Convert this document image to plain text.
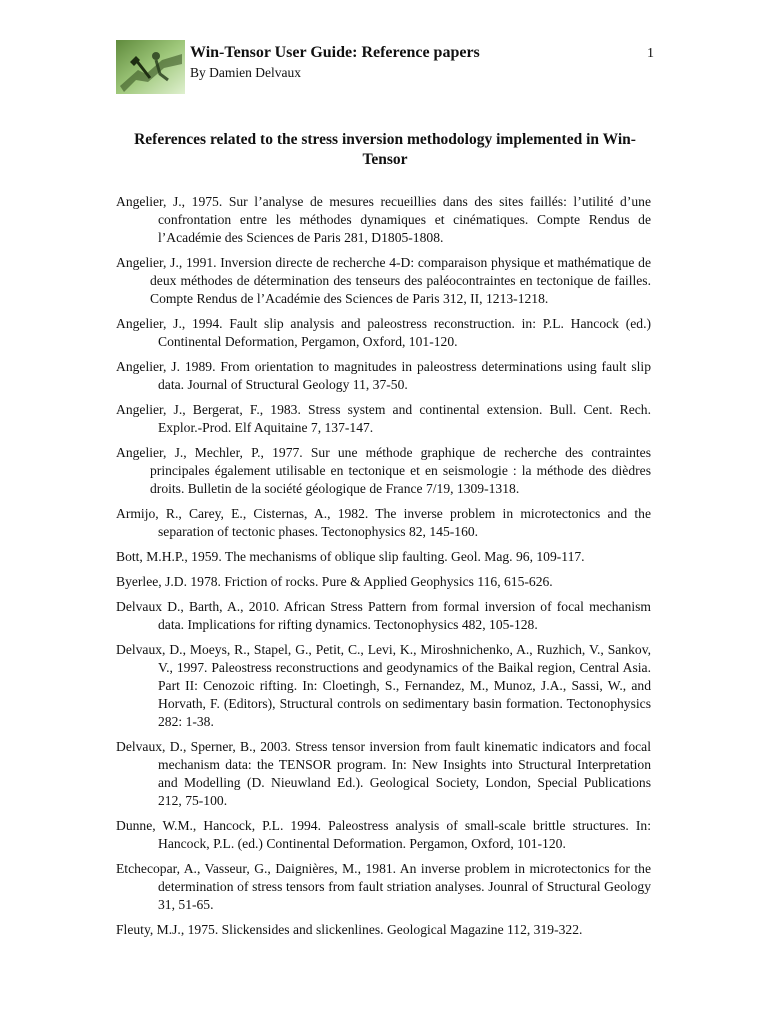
Win-Tensor User Guide: Reference papers
By Damien Delvaux
1
References related to the stress inversion methodology implemented in Win-Tensor

Angelier, J., 1975. Sur l’analyse de mesures recueillies dans des sites faillés: l’utilité d’une confrontation entre les méthodes dynamiques et cinématiques. Compte Rendus de l’Académie des Sciences de Paris 281, D1805-1808.

Angelier, J., 1991. Inversion directe de recherche 4-D: comparaison physique et mathématique de deux méthodes de détermination des tenseurs des paléocontraintes en tectonique de failles. Compte Rendus de l’Académie des Sciences de Paris 312, II, 1213-1218.

Angelier, J., 1994. Fault slip analysis and paleostress reconstruction. in: P.L. Hancock (ed.) Continental Deformation, Pergamon, Oxford, 101-120.

Angelier, J. 1989. From orientation to magnitudes in paleostress determinations using fault slip data. Journal of Structural Geology 11, 37-50.

Angelier, J., Bergerat, F., 1983. Stress system and continental extension. Bull. Cent. Rech. Explor.-Prod. Elf Aquitaine 7, 137-147.

Angelier, J., Mechler, P., 1977. Sur une méthode graphique de recherche des contraintes principales également utilisable en tectonique et en seismologie : la méthode des dièdres droits. Bulletin de la société géologique de France 7/19, 1309-1318.

Armijo, R., Carey, E., Cisternas, A., 1982. The inverse problem in microtectonics and the separation of tectonic phases. Tectonophysics 82, 145-160.

Bott, M.H.P., 1959. The mechanisms of oblique slip faulting. Geol. Mag. 96, 109-117.

Byerlee, J.D. 1978. Friction of rocks. Pure & Applied Geophysics 116, 615-626.

Delvaux D., Barth, A., 2010. African Stress Pattern from formal inversion of focal mechanism data. Implications for rifting dynamics. Tectonophysics 482, 105-128.

Delvaux, D., Moeys, R., Stapel, G., Petit, C., Levi, K., Miroshnichenko, A., Ruzhich, V., Sankov, V., 1997. Paleostress reconstructions and geodynamics of the Baikal region, Central Asia. Part II: Cenozoic rifting. In: Cloetingh, S., Fernandez, M., Munoz, J.A., Sassi, W., and Horvath, F. (Editors), Structural controls on sedimentary basin formation. Tectonophysics 282: 1-38.

Delvaux, D., Sperner, B., 2003. Stress tensor inversion from fault kinematic indicators and focal mechanism data: the TENSOR program. In: New Insights into Structural Interpretation and Modelling (D. Nieuwland Ed.). Geological Society, London, Special Publications 212, 75-100.

Dunne, W.M., Hancock, P.L. 1994. Paleostress analysis of small-scale brittle structures. In: Hancock, P.L. (ed.) Continental Deformation. Pergamon, Oxford, 101-120.

Etchecopar, A., Vasseur, G., Daignières, M., 1981. An inverse problem in microtectonics for the determination of stress tensors from fault striation analyses. Jounral of Structural Geology 31, 51-65.

Fleuty, M.J., 1975. Slickensides and slickenlines. Geological Magazine 112, 319-322.
